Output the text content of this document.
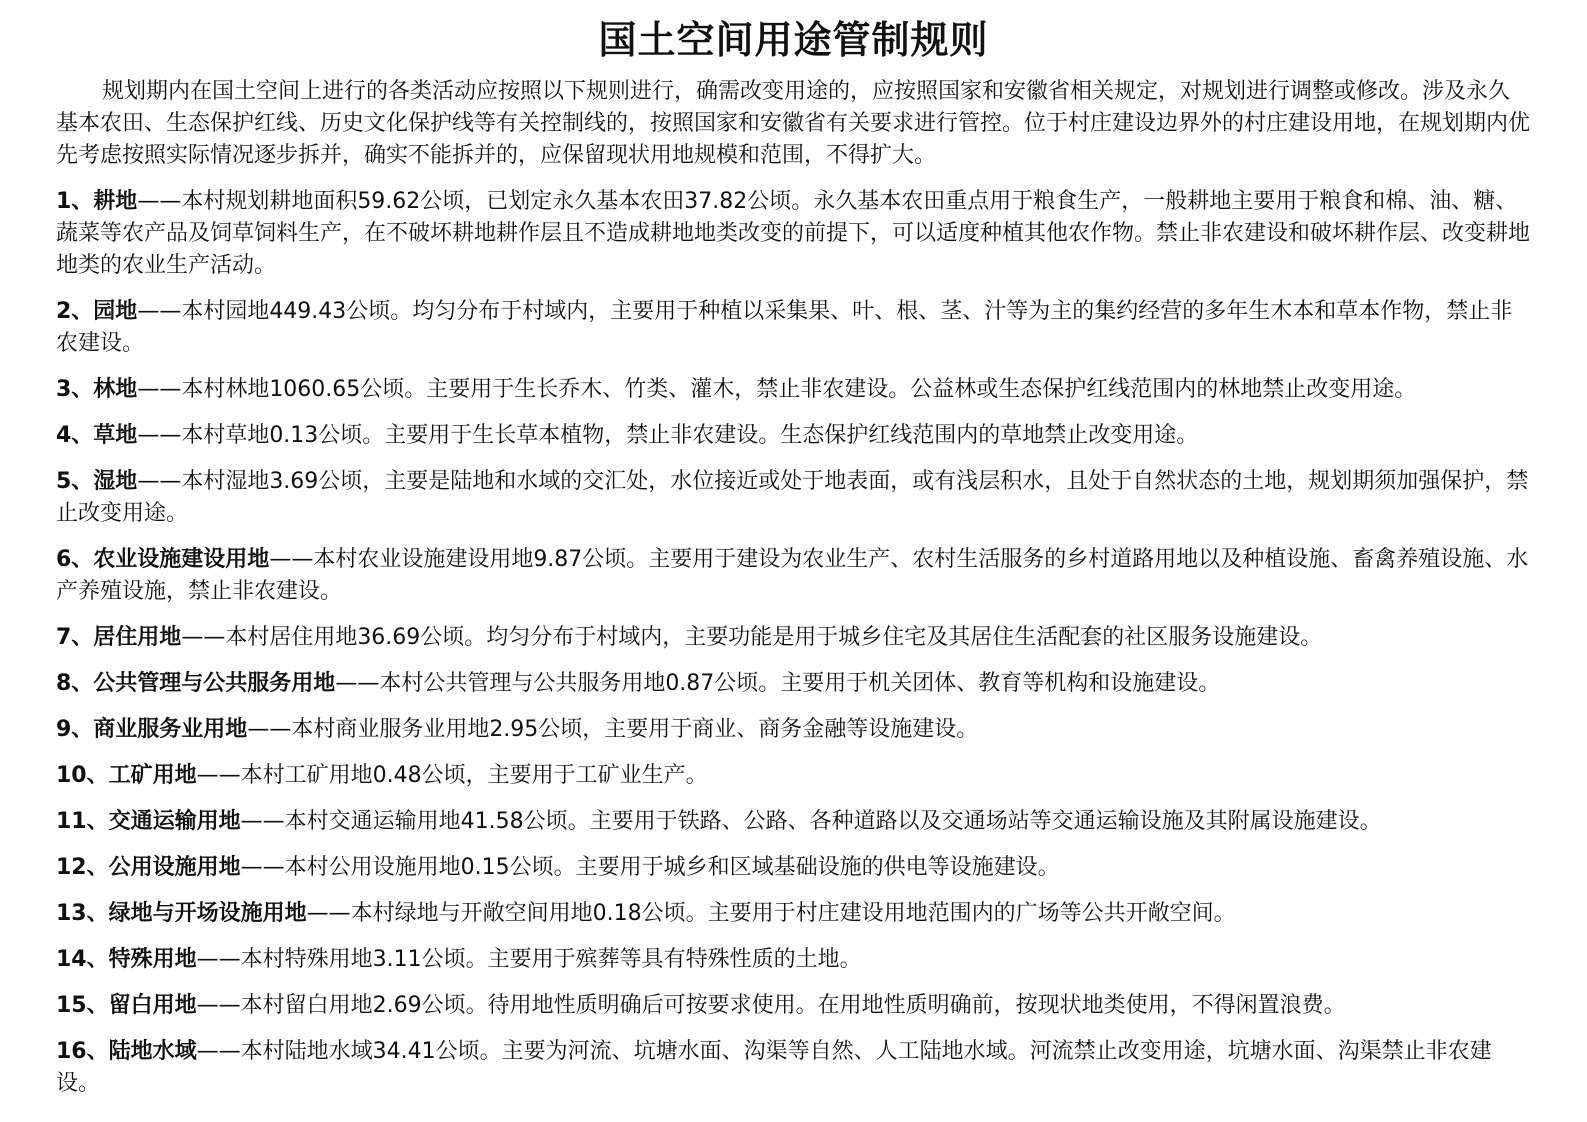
国土空间用途管制规则

规划期内在国土空间上进行的各类活动应按照以下规则进行，确需改变用途的，应按照国家和安徽省相关规定，对规划进行调整或修改。涉及永久基本农田、生态保护红线、历史文化保护线等有关控制线的，按照国家和安徽省有关要求进行管控。位于村庄建设边界外的村庄建设用地，在规划期内优先考虑按照实际情况逐步拆并，确实不能拆并的，应保留现状用地规模和范围，不得扩大。

1、耕地——本村规划耕地面积59.62公顷，已划定永久基本农田37.82公顷。永久基本农田重点用于粮食生产，一般耕地主要用于粮食和棉、油、糖、蔬菜等农产品及饲草饲料生产，在不破坏耕地耕作层且不造成耕地地类改变的前提下，可以适度种植其他农作物。禁止非农建设和破坏耕作层、改变耕地地类的农业生产活动。

2、园地——本村园地449.43公顷。均匀分布于村域内，主要用于种植以采集果、叶、根、茎、汁等为主的集约经营的多年生木本和草本作物，禁止非农建设。

3、林地——本村林地1060.65公顷。主要用于生长乔木、竹类、灌木，禁止非农建设。公益林或生态保护红线范围内的林地禁止改变用途。

4、草地——本村草地0.13公顷。主要用于生长草本植物，禁止非农建设。生态保护红线范围内的草地禁止改变用途。

5、湿地——本村湿地3.69公顷，主要是陆地和水域的交汇处，水位接近或处于地表面，或有浅层积水，且处于自然状态的土地，规划期须加强保护，禁止改变用途。

6、农业设施建设用地——本村农业设施建设用地9.87公顷。主要用于建设为农业生产、农村生活服务的乡村道路用地以及种植设施、畜禽养殖设施、水产养殖设施，禁止非农建设。

7、居住用地——本村居住用地36.69公顷。均匀分布于村域内，主要功能是用于城乡住宅及其居住生活配套的社区服务设施建设。

8、公共管理与公共服务用地——本村公共管理与公共服务用地0.87公顷。主要用于机关团体、教育等机构和设施建设。

9、商业服务业用地——本村商业服务业用地2.95公顷，主要用于商业、商务金融等设施建设。

10、工矿用地——本村工矿用地0.48公顷，主要用于工矿业生产。

11、交通运输用地——本村交通运输用地41.58公顷。主要用于铁路、公路、各种道路以及交通场站等交通运输设施及其附属设施建设。

12、公用设施用地——本村公用设施用地0.15公顷。主要用于城乡和区域基础设施的供电等设施建设。

13、绿地与开场设施用地——本村绿地与开敞空间用地0.18公顷。主要用于村庄建设用地范围内的广场等公共开敞空间。

14、特殊用地——本村特殊用地3.11公顷。主要用于殡葬等具有特殊性质的土地。

15、留白用地——本村留白用地2.69公顷。待用地性质明确后可按要求使用。在用地性质明确前，按现状地类使用，不得闲置浪费。

16、陆地水域——本村陆地水域34.41公顷。主要为河流、坑塘水面、沟渠等自然、人工陆地水域。河流禁止改变用途，坑塘水面、沟渠禁止非农建设。
